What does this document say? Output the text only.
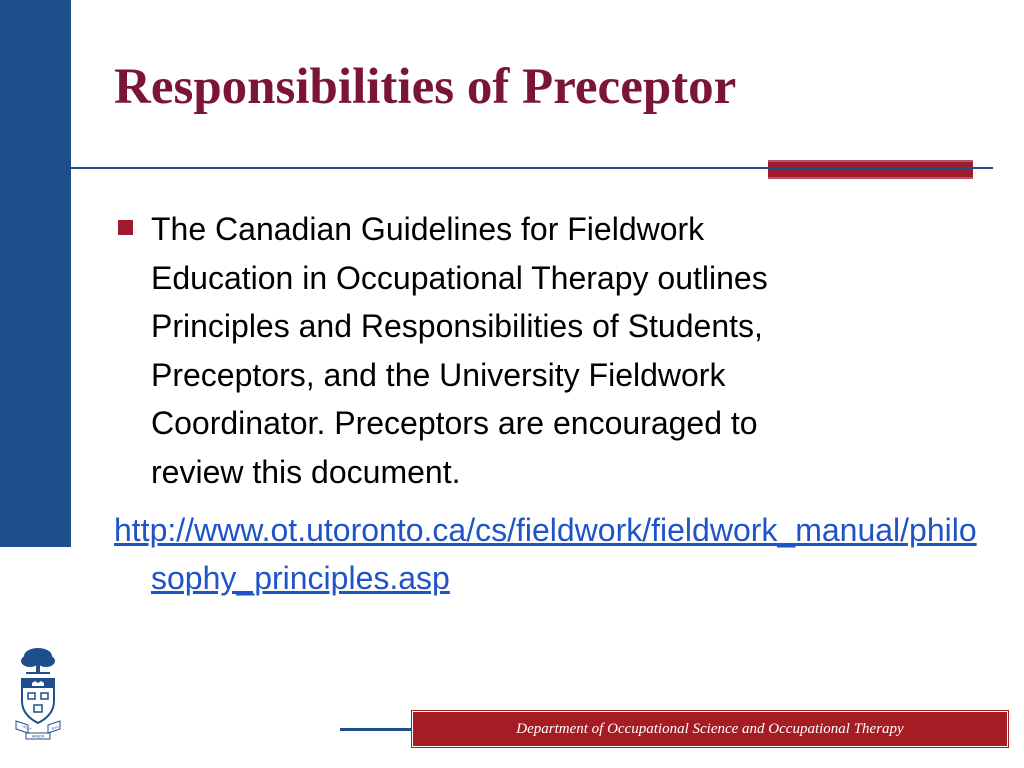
Responsibilities of Preceptor

The Canadian Guidelines for Fieldwork
Education in Occupational Therapy outlines
Principles and Responsibilities of Students,
Preceptors, and the University Fieldwork
Coordinator. Preceptors are encouraged to
review this document.

http://www.ot.utoronto.ca/cs/fieldwork/fieldwork_manual/philosophy_principles.asp

VELUT
ARBOR
ÆVO	Department of Occupational Science and Occupational Therapy
